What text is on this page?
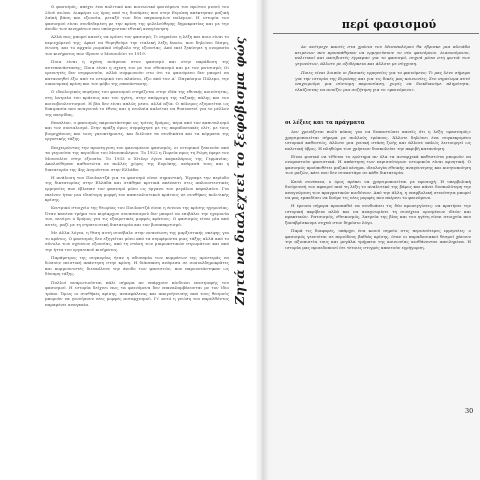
Ο φασισμός, απέχει ένα πολιτικό και κοινωνικό φαινόμενο του πρώτου μισού του 20ού αιώνα. Διαφέρει ως όρος από τις δυνάμεις που στην Ευρώπη απέκτησαν μαζική λαϊκή βάση και εξουσία, μεταξύ των δύο παγκοσμίων πολέμων. Η ιστορία του φασισμού είναι συνδεδεμένη με την κρίση της φιλελεύθερης δημοκρατίας και με την άνοδο των κινημάτων που υπόσχονταν εθνική αναγέννηση.

Αλλά πως μπορεί κανείς να ορίσει τον φασισμό; Τι σημαίνει η λέξη και ποιο είναι το περιεχόμενό της; Αρκεί να θυμηθούμε την ιταλική λέξη fascio, που δηλώνει δέσμη, ένωση, και το αρχαίο ρωμαϊκό σύμβολο της εξουσίας. Από εκεί ξεκίνησε η ονομασία του κινήματος που ίδρυσε ο Μουσολίνι το 1919.

Ποια είναι η σχέση ανάμεσα στον φασισμό και στην παράδοση της αντεπανάστασης; Ποια είναι η σχέση του με τον εθνικισμό και με τον ρατσισμό; Οι ερευνητές δεν συμφωνούν, αλλά συμφωνούν στο ότι το φαινόμενο δεν μπορεί να κατανοηθεί έξω από το ιστορικό του πλαίσιο, έξω από τον Α΄ Παγκόσμιο Πόλεμο, την οικονομική κρίση και τον φόβο της επανάστασης.

Ο ιδεολογικός πυρήνας του φασισμού στηρίζεται στην ιδέα της εθνικής κοινότητας, στη λατρεία του κράτους και του ηγέτη, στην απόρριψη της ταξικής πάλης και του κοινοβουλευτισμού. Η βία δεν είναι απλώς μέσο, αλλά αξία. Ο πόλεμος εξυμνείται ως δοκιμασία που αναγεννά το έθνος και η νεολαία καλείται να θυσιαστεί για το μέλλον της πατρίδας.

Επιπλέον, ο φασισμός παρουσιάστηκε ως τρίτος δρόμος, πέρα από τον καπιταλισμό και τον σοσιαλισμό. Στην πράξη όμως συμμάχησε με τις παραδοσιακές ελίτ, με τους βιομηχάνους και τους γαιοκτήμονες, και διέλυσε τα συνδικάτα και τα κόμματα της εργατικής τάξης.

Επιχειρώντας την προσέγγιση του φαινομένου φασισμός, οι ιστορικοί ξεκινούν από τα γεγονότα της περιόδου του Μεσοπολέμου. Το 1922 η Πορεία προς τη Ρώμη έφερε τον Μουσολίνι στην εξουσία. Το 1933 ο Χίτλερ έγινε καγκελάριος της Γερμανίας. Ακολούθησαν καθεστώτα σε πολλές χώρες της Ευρώπης, ανάμεσά τους και η δικτατορία της 4ης Αυγούστου στην Ελλάδα.

Η ανάλυση του Πουλαντζά για το φασισμό είναι σημαντική. Έγραψε την περίοδο της δικτατορίας στην Ελλάδα και στάθηκε κριτικά απέναντι στις απλουστευτικές ερμηνείες που έβλεπαν τον φασισμό μόνο ως όργανο του μεγάλου κεφαλαίου. Για εκείνον ήταν μια ιδιαίτερη μορφή του καπιταλιστικού κράτους σε συνθήκες πολιτικής κρίσης.

Κεντρικό στοιχείο της θεωρίας του Πουλαντζά είναι η έννοια της κρίσης ηγεμονίας. Όταν κανένα τμήμα του κυρίαρχου συνασπισμού δεν μπορεί να επιβάλει την ηγεμονία του, ανοίγει ο δρόμος για τις εξαιρετικές μορφές κράτους. Ο φασισμός είναι μία από αυτές, μαζί με τη στρατιωτική δικτατορία και τον βοναπαρτισμό.

Με άλλα λόγια, η θέση αυτή συνέβαλε στην ανανέωση της μαρξιστικής σκέψης για το κράτος. Ο φασισμός δεν εξηγείται μόνο από τα συμφέροντα μιας τάξης αλλά από το σύνολο των σχέσεων εξουσίας, από τη στάση των μικροαστικών στρωμάτων και από την ήττα του εργατικού κινήματος.

Παράμετρος της συγκυρίας ήταν η αδυναμία των κομμάτων της αριστεράς να δώσουν πειστική απάντηση στην κρίση. Η διάσπαση ανάμεσα σε σοσιαλδημοκράτες και κομμουνιστές διευκόλυνε την άνοδο των φασιστών, που παρουσιάστηκαν ως δύναμη τάξης.

Πολλοί αναρωτιούνται πάλι σήμερα αν υπάρχουν κίνδυνοι επιστροφής του φασισμού. Η ιστορία δείχνει πως τα φαινόμενα δεν επαναλαμβάνονται με τον ίδιο τρόπο. Όμως οι συνθήκες κρίσης, ανασφάλειας και απογοήτευσης από τους θεσμούς μπορούν να γεννήσουν νέες μορφές αυταρχισμού. Γι' αυτό η γνώση του παρελθόντος παραμένει αναγκαία.	Ζητά να διαλεχτεί το ξεφόβισμα φώς
περί φασισμού

Αν ανέτρεχε κανείς στα χρόνια του Μεσοπολέμου θα έβρισκε μια πλειάδα κειμένων που προσπάθησαν να ερμηνεύσουν το νέο φαινόμενο. Διανοούμενοι, πολιτικοί και ακτιβιστές έγραψαν για το φασισμό, συχνά μέσα στη φωτιά των γεγονότων, άλλοτε με οξυδέρκεια και άλλοτε με σύγχυση.

Ποιες είναι λοιπόν οι βασικές ερμηνείες για το φαινόμενο; Τι μας λένε σήμερα για την ιστορία της Ευρώπης και για τις δικές μας κοινωνίες; Στο σημείωμα αυτό επιχειρούμε μια σύντομη παρουσίαση, χωρίς να διεκδικούμε πληρότητα, ελπίζοντας να ανοίξει μια συζήτηση για το «φαινόμενο».

οι λέξεις και τα πράγματα

Δεν χρειάζεται πολύ κόπος για να διαπιστώσει κανείς ότι η λέξη «φασισμός» χρησιμοποιείται σήμερα με πολλούς τρόπους. Άλλοτε δηλώνει ένα συγκεκριμένο ιστορικό καθεστώς, άλλοτε μια γενική στάση ζωής και άλλοτε απλώς λειτουργεί ως πολιτική ύβρις. Η πληθώρα των χρήσεων δυσκολεύει την ακριβή κατανόηση.

Είναι φυσικό να τίθεται το ερώτημα αν όλα τα αυταρχικά καθεστώτα μπορούν να ονομαστούν φασιστικά. Η απάντηση των περισσότερων ιστορικών είναι αρνητική. Ο φασισμός προϋποθέτει μαζικό κίνημα, ιδεολογία εθνικής αναγέννησης και κινητοποίηση των μαζών, κάτι που δεν συναντάμε σε κάθε δικτατορία.

Κατά συνέπεια, ο όρος πρέπει να χρησιμοποιείται με προσοχή. Η υπερβολική διεύρυνσή του αφαιρεί από τη λέξη το αναλυτικό της βάρος και κάνει δυσκολότερη την αναγνώριση των πραγματικών κινδύνων. Από την άλλη, η υπερβολική στενότητα μπορεί να μας εμποδίσει να δούμε τις νέες μορφές που παίρνει το φαινόμενο.

Η έρευνα σήμερα προσπαθεί να συνδυάσει τις δύο προσεγγίσεις: να κρατήσει την ιστορική ακρίβεια αλλά και να αναγνωρίσει τη συνέχεια ορισμένων ιδεών και πρακτικών. Ρατσισμός, εθνικισμός, λατρεία της βίας και του ηγέτη είναι στοιχεία που ξαναβρίσκουμε συχνά στον δημόσιο λόγο.

Παρά τις διαφορές, υπάρχει ένα κοινό σημείο στις περισσότερες ερμηνείες: ο φασισμός γεννιέται σε περιόδους βαθιάς κρίσης, όταν οι παραδοσιακοί θεσμοί χάνουν την αξιοπιστία τους και μεγάλα τμήματα της κοινωνίας αισθάνονται απειλημένα. Η ιστορία μας προειδοποιεί ότι τέτοιες στιγμές απαιτούν εγρήγορση.

30
